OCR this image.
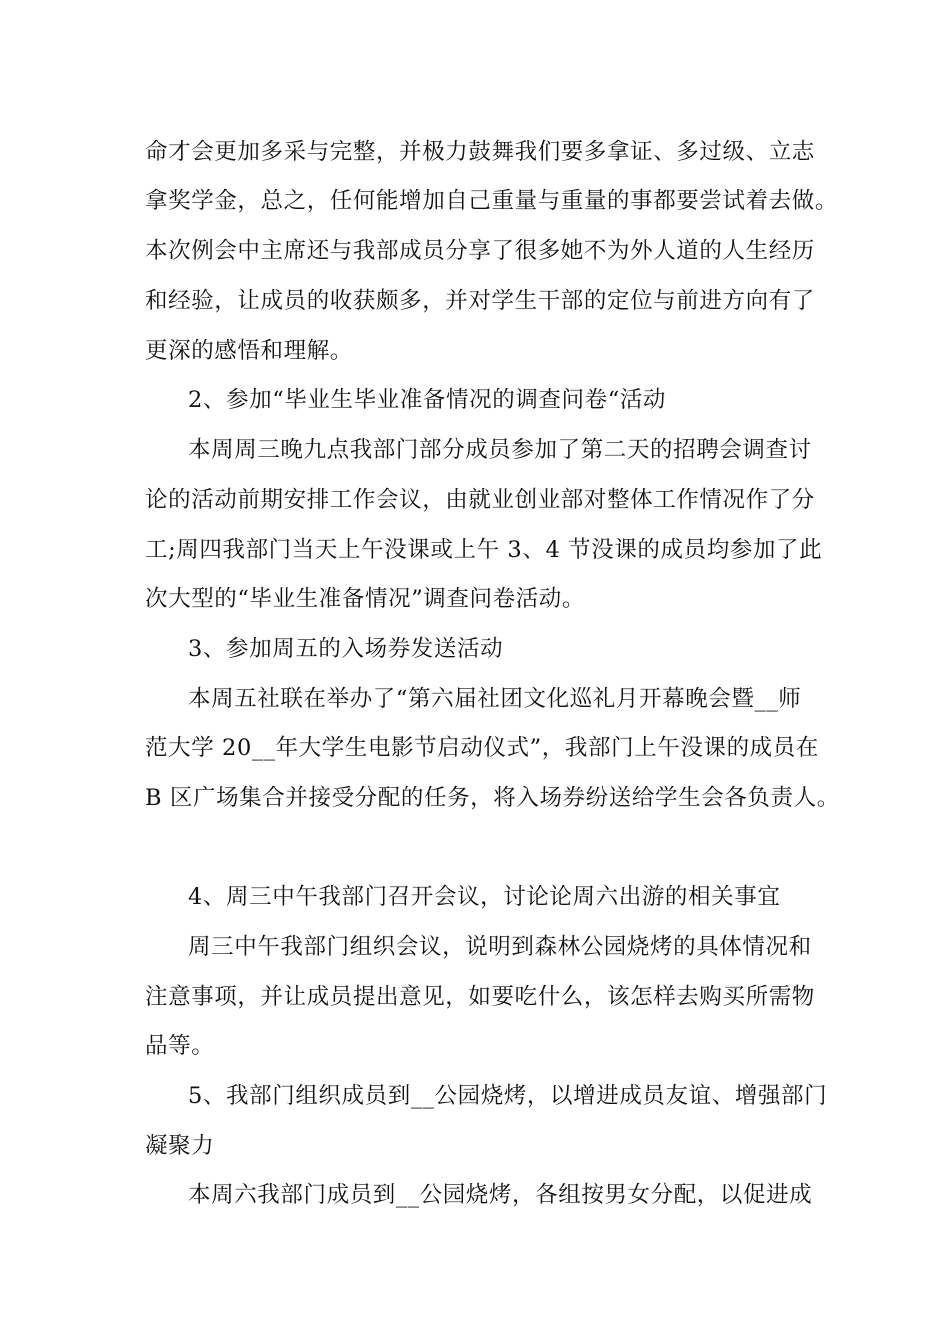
命才会更加多采与完整，并极力鼓舞我们要多拿证、多过级、立志
拿奖学金，总之，任何能增加自己重量与重量的事都要尝试着去做。
本次例会中主席还与我部成员分享了很多她不为外人道的人生经历
和经验，让成员的收获颇多，并对学生干部的定位与前进方向有了
更深的感悟和理解。
2、参加“毕业生毕业准备情况的调查问卷“活动
本周周三晚九点我部门部分成员参加了第二天的招聘会调查讨
论的活动前期安排工作会议，由就业创业部对整体工作情况作了分
工;周四我部门当天上午没课或上午 3、4 节没课的成员均参加了此
次大型的“毕业生准备情况”调查问卷活动。
3、参加周五的入场券发送活动
本周五社联在举办了“第六届社团文化巡礼月开幕晚会暨__师
范大学 20__年大学生电影节启动仪式”，我部门上午没课的成员在
B 区广场集合并接受分配的任务，将入场券纷送给学生会各负责人。
4、周三中午我部门召开会议，讨论论周六出游的相关事宜
周三中午我部门组织会议，说明到森林公园烧烤的具体情况和
注意事项，并让成员提出意见，如要吃什么，该怎样去购买所需物
品等。
5、我部门组织成员到__公园烧烤，以增进成员友谊、增强部门
凝聚力
本周六我部门成员到__公园烧烤，各组按男女分配，以促进成
